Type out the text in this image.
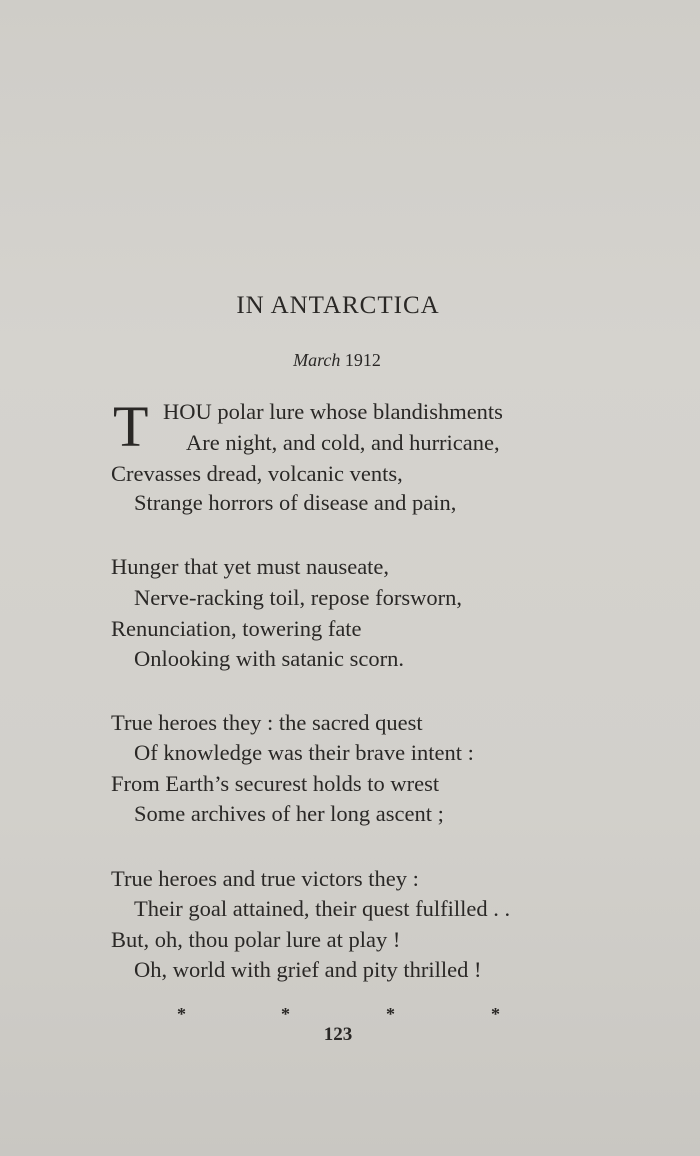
IN ANTARCTICA
March 1912
T HOU polar lure whose blandishments
Are night, and cold, and hurricane,
Crevasses dread, volcanic vents,
Strange horrors of disease and pain,
Hunger that yet must nauseate,
Nerve-racking toil, repose forsworn,
Renunciation, towering fate
Onlooking with satanic scorn.
True heroes they : the sacred quest
Of knowledge was their brave intent :
From Earth’s securest holds to wrest
Some archives of her long ascent ;
True heroes and true victors they :
Their goal attained, their quest fulfilled . .
But, oh, thou polar lure at play !
Oh, world with grief and pity thrilled !
*	*	*	*
123
